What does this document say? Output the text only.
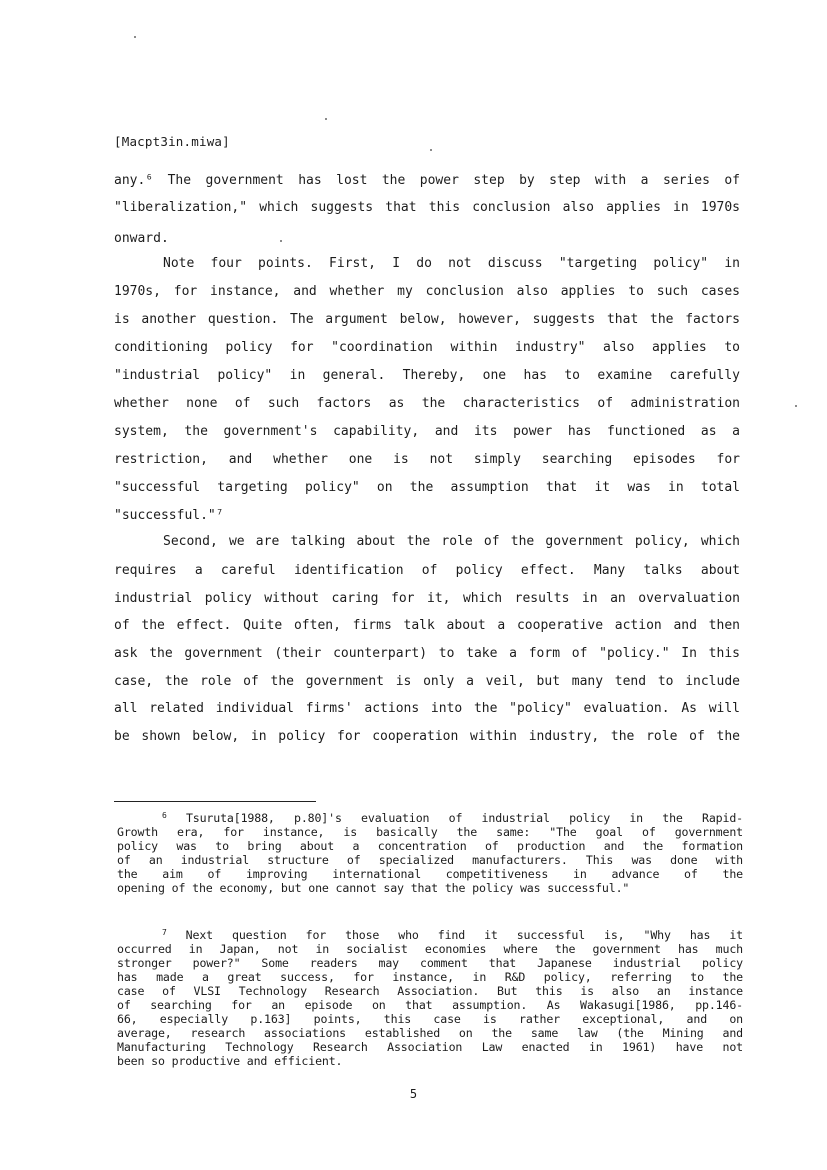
[Macpt3in.miwa]
any.⁶ The government has lost the power step by step with a series of
"liberalization," which suggests that this conclusion also applies in 1970s
onward.
Note four points. First, I do not discuss "targeting policy" in
1970s, for instance, and whether my conclusion also applies to such cases
is another question. The argument below, however, suggests that the factors
conditioning policy for "coordination within industry" also applies to
"industrial policy" in general. Thereby, one has to examine carefully
whether none of such factors as the characteristics of administration
system, the government's capability, and its power has functioned as a
restriction, and whether one is not simply searching episodes for
"successful targeting policy" on the assumption that it was in total
"successful."⁷
Second, we are talking about the role of the government policy, which
requires a careful identification of policy effect. Many talks about
industrial policy without caring for it, which results in an overvaluation
of the effect. Quite often, firms talk about a cooperative action and then
ask the government (their counterpart) to take a form of "policy." In this
case, the role of the government is only a veil, but many tend to include
all related individual firms' actions into the "policy" evaluation. As will
be shown below, in policy for cooperation within industry, the role of the
$^6$ Tsuruta[1988, p.80]'s evaluation of industrial policy in the Rapid-
Growth era, for instance, is basically the same: "The goal of government
policy was to bring about a concentration of production and the formation
of an industrial structure of specialized manufacturers. This was done with
the aim of improving international competitiveness in advance of the
opening of the economy, but one cannot say that the policy was successful."
$^7$ Next question for those who find it successful is, "Why has it
occurred in Japan, not in socialist economies where the government has much
stronger power?" Some readers may comment that Japanese industrial policy
has made a great success, for instance, in R&D policy, referring to the
case of VLSI Technology Research Association. But this is also an instance
of searching for an episode on that assumption. As Wakasugi[1986, pp.146-
66, especially p.163] points, this case is rather exceptional, and on
average, research associations established on the same law (the Mining and
Manufacturing Technology Research Association Law enacted in 1961) have not
been so productive and efficient.
5
